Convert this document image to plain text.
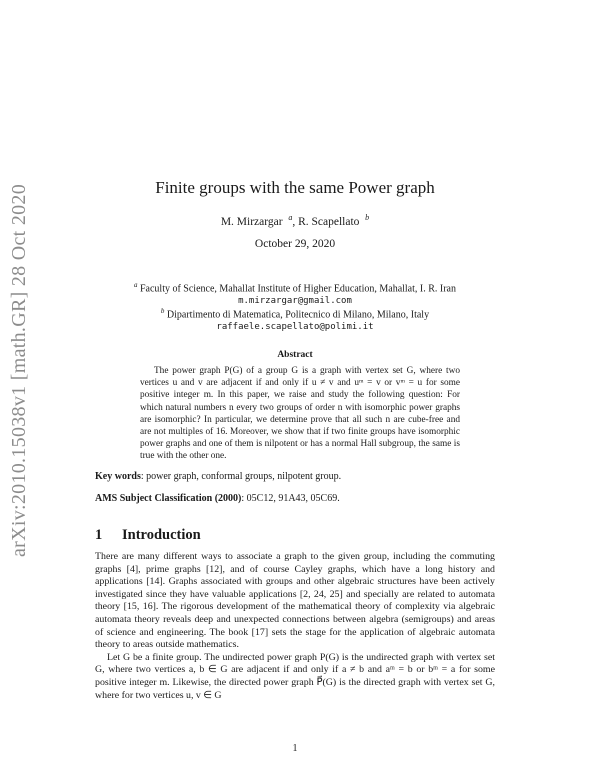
arXiv:2010.15038v1 [math.GR] 28 Oct 2020	Finite groups with the same Power graph
M. Mirzargar $^a$, R. Scapellato $^b$
October 29, 2020
$^a$ Faculty of Science, Mahallat Institute of Higher Education, Mahallat, I. R. Iran
m.mirzargar@gmail.com
$^b$ Dipartimento di Matematica, Politecnico di Milano, Milano, Italy
raffaele.scapellato@polimi.it
Abstract
The power graph P(G) of a group G is a graph with vertex set G, where two vertices u and v are adjacent if and only if u ≠ v and uᵐ = v or vᵐ = u for some positive integer m. In this paper, we raise and study the following question: For which natural numbers n every two groups of order n with isomorphic power graphs are isomorphic? In particular, we determine prove that all such n are cube-free and are not multiples of 16. Moreover, we show that if two finite groups have isomorphic power graphs and one of them is nilpotent or has a normal Hall subgroup, the same is true with the other one.
Key words: power graph, conformal groups, nilpotent group.
AMS Subject Classification (2000): 05C12, 91A43, 05C69.
1 Introduction

There are many different ways to associate a graph to the given group, including the commuting graphs [4], prime graphs [12], and of course Cayley graphs, which have a long history and applications [14]. Graphs associated with groups and other algebraic structures have been actively investigated since they have valuable applications [2, 24, 25] and specially are related to automata theory [15, 16]. The rigorous development of the mathematical theory of complexity via algebraic automata theory reveals deep and unexpected connections between algebra (semigroups) and areas of science and engineering. The book [17] sets the stage for the application of algebraic automata theory to areas outside mathematics.

Let G be a finite group. The undirected power graph P(G) is the undirected graph with vertex set G, where two vertices a, b ∈ G are adjacent if and only if a ≠ b and aᵐ = b or bᵐ = a for some positive integer m. Likewise, the directed power graph P⃗(G) is the directed graph with vertex set G, where for two vertices u, v ∈ G

1
